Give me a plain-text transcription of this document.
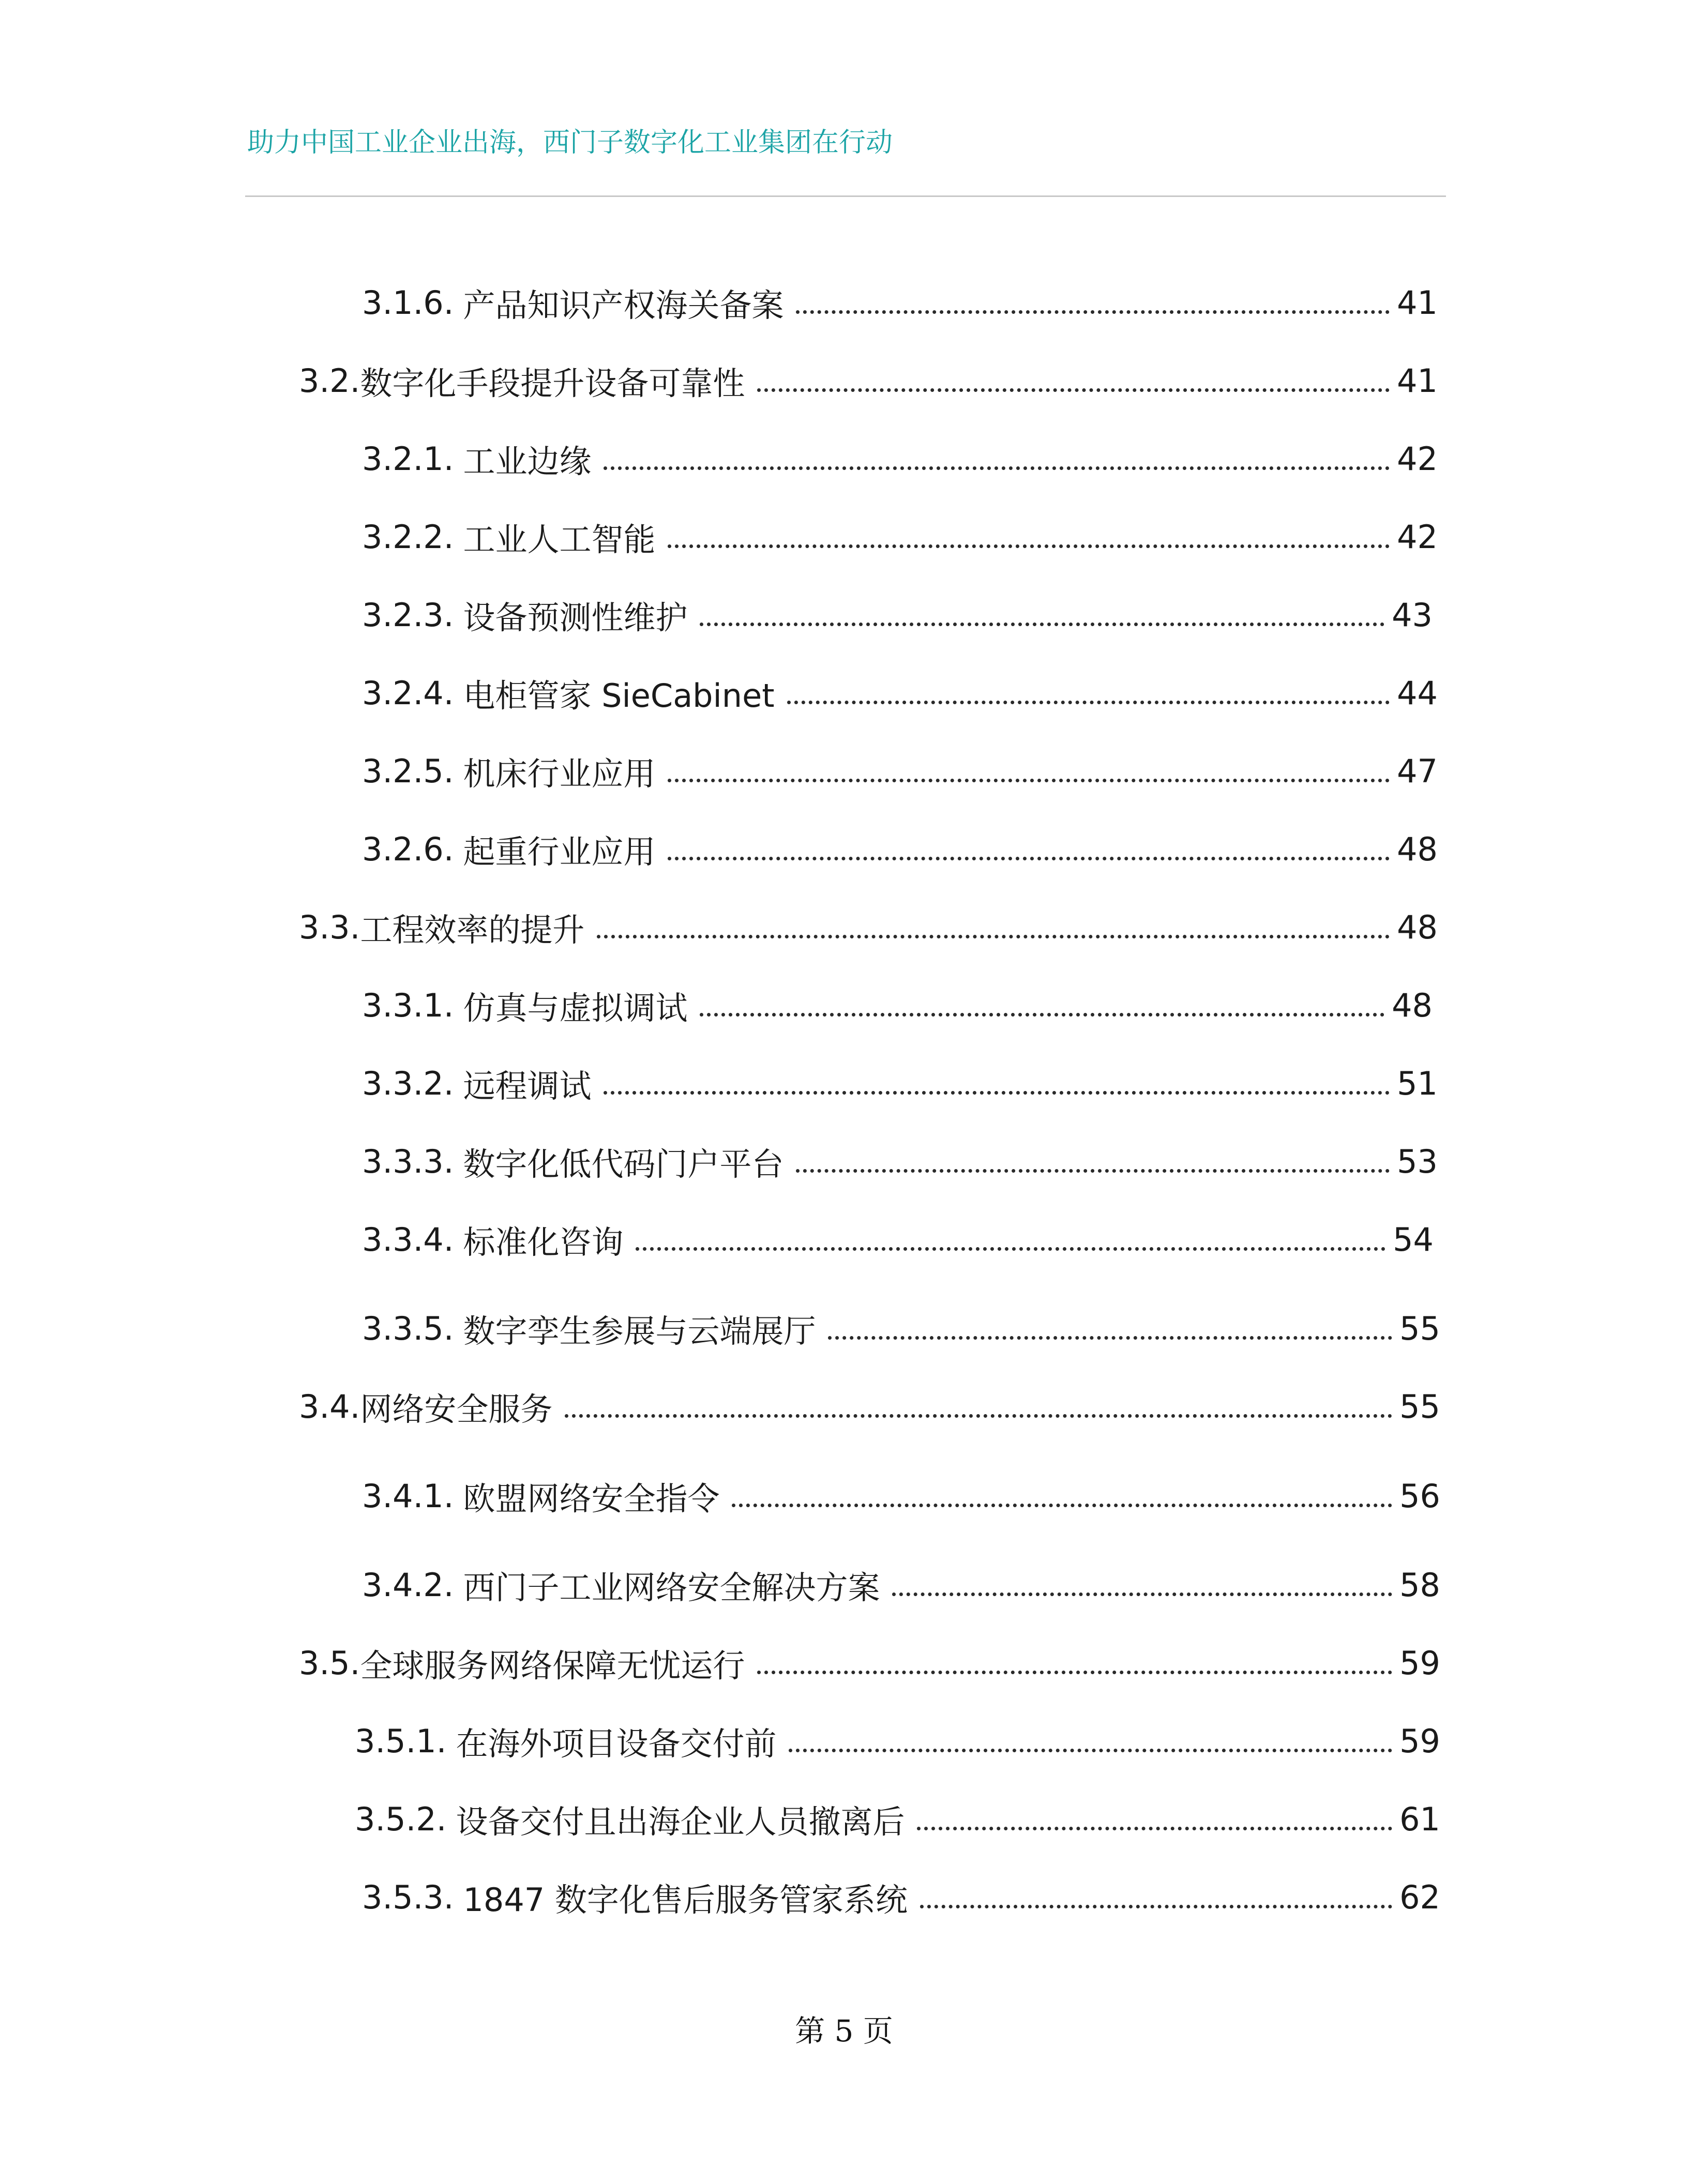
助力中国工业企业出海，西门子数字化工业集团在行动
3.1.6. 产品知识产权海关备案	41
3.2. 数字化手段提升设备可靠性	41
3.2.1. 工业边缘	42
3.2.2. 工业人工智能	42
3.2.3. 设备预测性维护	43
3.2.4. 电柜管家 SieCabinet	44
3.2.5. 机床行业应用	47
3.2.6. 起重行业应用	48
3.3. 工程效率的提升	48
3.3.1. 仿真与虚拟调试	48
3.3.2. 远程调试	51
3.3.3. 数字化低代码门户平台	53
3.3.4. 标准化咨询	54
3.3.5. 数字孪生参展与云端展厅	55
3.4. 网络安全服务	55
3.4.1. 欧盟网络安全指令	56
3.4.2. 西门子工业网络安全解决方案	58
3.5. 全球服务网络保障无忧运行	59
3.5.1. 在海外项目设备交付前	59
3.5.2. 设备交付且出海企业人员撤离后	61
3.5.3. 1847 数字化售后服务管家系统	62
第 5 页
